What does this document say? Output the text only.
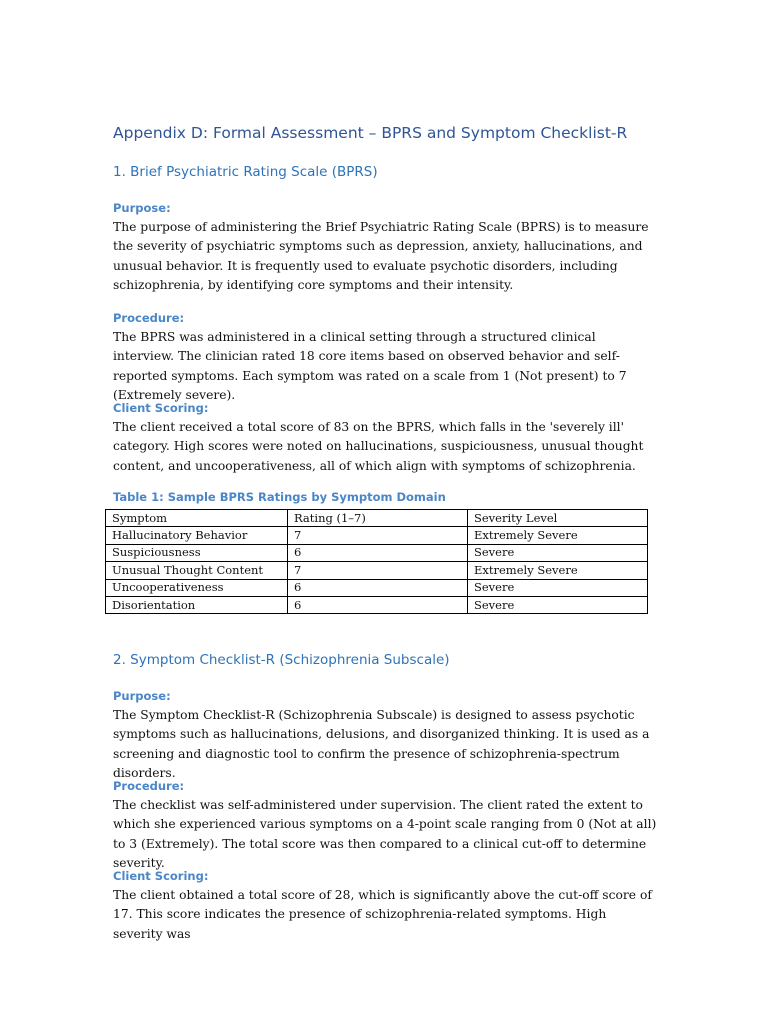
Appendix D: Formal Assessment – BPRS and Symptom Checklist-R
1. Brief Psychiatric Rating Scale (BPRS)
Purpose:

The purpose of administering the Brief Psychiatric Rating Scale (BPRS) is to measure the severity of psychiatric symptoms such as depression, anxiety, hallucinations, and unusual behavior. It is frequently used to evaluate psychotic disorders, including schizophrenia, by identifying core symptoms and their intensity.

Procedure:

The BPRS was administered in a clinical setting through a structured clinical interview. The clinician rated 18 core items based on observed behavior and self-reported symptoms. Each symptom was rated on a scale from 1 (Not present) to 7 (Extremely severe).

Client Scoring:

The client received a total score of 83 on the BPRS, which falls in the 'severely ill' category. High scores were noted on hallucinations, suspiciousness, unusual thought content, and uncooperativeness, all of which align with symptoms of schizophrenia.

Table 1: Sample BPRS Ratings by Symptom Domain
Symptom	Rating (1–7)	Severity Level
Hallucinatory Behavior	7	Extremely Severe
Suspiciousness	6	Severe
Unusual Thought Content	7	Extremely Severe
Uncooperativeness	6	Severe
Disorientation	6	Severe
2. Symptom Checklist-R (Schizophrenia Subscale)
Purpose:

The Symptom Checklist-R (Schizophrenia Subscale) is designed to assess psychotic symptoms such as hallucinations, delusions, and disorganized thinking. It is used as a screening and diagnostic tool to confirm the presence of schizophrenia-spectrum disorders.

Procedure:

The checklist was self-administered under supervision. The client rated the extent to which she experienced various symptoms on a 4-point scale ranging from 0 (Not at all) to 3 (Extremely). The total score was then compared to a clinical cut-off to determine severity.

Client Scoring:

The client obtained a total score of 28, which is significantly above the cut-off score of 17. This score indicates the presence of schizophrenia-related symptoms. High severity was
